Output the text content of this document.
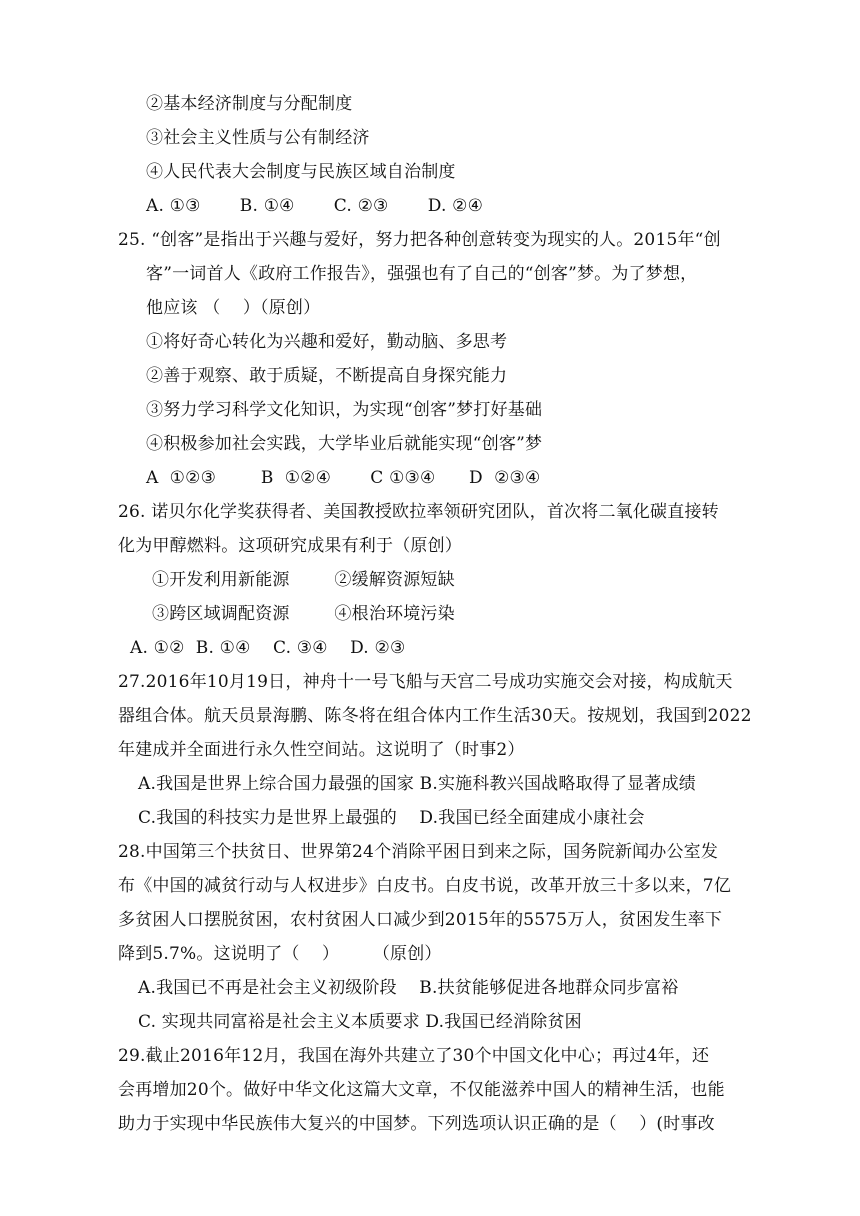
②基本经济制度与分配制度
③社会主义性质与公有制经济
④人民代表大会制度与民族区域自治制度
A. ①③       B. ①④       C. ②③       D. ②④
25. “创客”是指出于兴趣与爱好，努力把各种创意转变为现实的人。2015年“创
客”一词首人《政府工作报告》，强强也有了自己的“创客”梦。为了梦想，
他应该 （    ）（原创）
①将好奇心转化为兴趣和爱好，勤动脑、多思考
②善于观察、敢于质疑，不断提高自身探究能力
③努力学习科学文化知识，为实现“创客”梦打好基础
④积极参加社会实践，大学毕业后就能实现“创客”梦
A  ①②③        B  ①②④       C ①③④      D  ②③④
26. 诺贝尔化学奖获得者、美国教授欧拉率领研究团队，首次将二氧化碳直接转
化为甲醇燃料。这项研究成果有利于（原创）
①开发利用新能源        ②缓解资源短缺
③跨区域调配资源        ④根治环境污染
A. ①②  B. ①④    C. ③④    D. ②③
27.2016年10月19日，神舟十一号飞船与天宫二号成功实施交会对接，构成航天
器组合体。航天员景海鹏、陈冬将在组合体内工作生活30天。按规划，我国到2022
年建成并全面进行永久性空间站。这说明了（时事2）
A.我国是世界上综合国力最强的国家 B.实施科教兴国战略取得了显著成绩
C.我国的科技实力是世界上最强的    D.我国已经全面建成小康社会
28.中国第三个扶贫日、世界第24个消除平困日到来之际，国务院新闻办公室发
布《中国的减贫行动与人权进步》白皮书。白皮书说，改革开放三十多以来，7亿
多贫困人口摆脱贫困，农村贫困人口减少到2015年的5575万人，贫困发生率下
降到5.7%。这说明了（    ）      （原创）
A.我国已不再是社会主义初级阶段    B.扶贫能够促进各地群众同步富裕
C. 实现共同富裕是社会主义本质要求 D.我国已经消除贫困
29.截止2016年12月，我国在海外共建立了30个中国文化中心；再过4年，还
会再增加20个。做好中华文化这篇大文章，不仅能滋养中国人的精神生活，也能
助力于实现中华民族伟大复兴的中国梦。下列选项认识正确的是（    ）(时事改
